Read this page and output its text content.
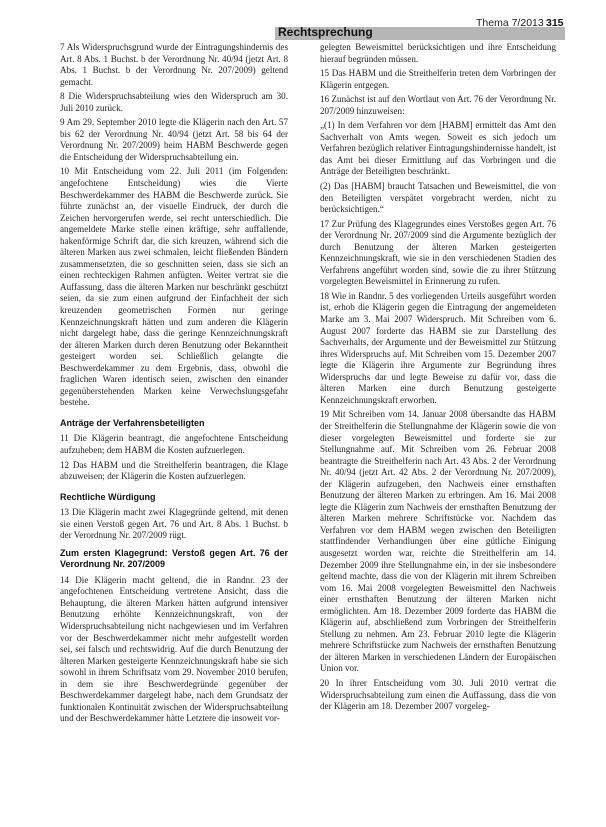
Rechtsprechung
Thema 7/2013 315

7 Als Widerspruchsgrund wurde der Eintragungshindernis des Art. 8 Abs. 1 Buchst. b der Verordnung Nr. 40/94 (jetzt Art. 8 Abs. 1 Buchst. b der Verordnung Nr. 207/2009) geltend gemacht.

8 Die Widerspruchsabteilung wies den Widerspruch am 30. Juli 2010 zurück.

9 Am 29. September 2010 legte die Klägerin nach den Art. 57 bis 62 der Verordnung Nr. 40/94 (jetzt Art. 58 bis 64 der Verordnung Nr. 207/2009) beim HABM Beschwerde gegen die Entscheidung der Widerspruchsabteilung ein.

10 Mit Entscheidung vom 22. Juli 2011 (im Folgenden: angefochtene Entscheidung) wies die Vierte Beschwerdekammer des HABM die Beschwerde zurück. Sie führte zunächst an, der visuelle Eindruck, der durch die Zeichen hervorgerufen werde, sei recht unterschiedlich. Die angemeldete Marke stelle einen kräftige, sehr auffallende, hakenförmige Schrift dar, die sich kreuzen, während sich die älteren Marken aus zwei schmalen, leicht fließenden Bändern zusammensetzten, die so geschnitten seien, dass sie sich an einen rechteckigen Rahmen anfügten. Weiter vertrat sie die Auffassung, dass die älteren Marken nur beschränkt geschützt seien, da sie zum einen aufgrund der Einfachheit der sich kreuzenden geometrischen Formen nur geringe Kennzeichnungskraft hätten und zum anderen die Klägerin nicht dargelegt habe, dass die geringe Kennzeichnungskraft der älteren Marken durch deren Benutzung oder Bekanntheit gesteigert worden sei. Schließlich gelangte die Beschwerdekammer zu dem Ergebnis, dass, obwohl die fraglichen Waren identisch seien, zwischen den einander gegenüberstehenden Marken keine Verwechslungsgefahr bestehe.

Anträge der Verfahrensbeteiligten

11 Die Klägerin beantragt, die angefochtene Entscheidung aufzuheben; dem HABM die Kosten aufzuerlegen.

12 Das HABM und die Streithelferin beantragen, die Klage abzuweisen; der Klägerin die Kosten aufzuerlegen.

Rechtliche Würdigung

13 Die Klägerin macht zwei Klagegründe geltend, mit denen sie einen Verstoß gegen Art. 76 und Art. 8 Abs. 1 Buchst. b der Verordnung Nr. 207/2009 rügt.

Zum ersten Klagegrund: Verstoß gegen Art. 76 der Verordnung Nr. 207/2009

14 Die Klägerin macht geltend, die in Randnr. 23 der angefochtenen Entscheidung vertretene Ansicht, dass die Behauptung, die älteren Marken hätten aufgrund intensiver Benutzung erhöhte Kennzeichnungskraft, von der Widerspruchsabteilung nicht nachgewiesen und im Verfahren vor der Beschwerdekammer nicht mehr aufgestellt worden sei, sei falsch und rechtswidrig. Auf die durch Benutzung der älteren Marken gesteigerte Kennzeichnungskraft habe sie sich sowohl in ihrem Schriftsatz vom 29. November 2010 berufen, in dem sie ihre Beschwerdegründe gegenüber der Beschwerdekammer dargelegt habe, nach dem Grundsatz der funktionalen Kontinuität zwischen der Widerspruchsabteilung und der Beschwerdekammer hätte Letztere die insoweit vor-

gelegten Beweismittel berücksichtigen und ihre Entscheidung hierauf begründen müssen.

15 Das HABM und die Streithelferin treten dem Vorbringen der Klägerin entgegen.

16 Zunächst ist auf den Wortlaut von Art. 76 der Verordnung Nr. 207/2009 hinzuweisen:

„(1) In dem Verfahren vor dem [HABM] ermittelt das Amt den Sachverhalt von Amts wegen. Soweit es sich jedoch um Verfahren bezüglich relativer Eintragungshindernisse handelt, ist das Amt bei dieser Ermittlung auf das Vorbringen und die Anträge der Beteiligten beschränkt.

(2) Das [HABM] braucht Tatsachen und Beweismittel, die von den Beteiligten verspätet vorgebracht werden, nicht zu berücksichtigen.“

17 Zur Prüfung des Klagegrundes eines Verstoßes gegen Art. 76 der Verordnung Nr. 207/2009 sind die Argumente bezüglich der durch Benutzung der älteren Marken gesteigerten Kennzeichnungskraft, wie sie in den verschiedenen Stadien des Verfahrens angeführt worden sind, sowie die zu ihrer Stützung vorgelegten Beweismittel in Erinnerung zu rufen.

18 Wie in Randnr. 5 des vorliegenden Urteils ausgeführt worden ist, erhob die Klägerin gegen die Eintragung der angemeldeten Marke am 3. Mai 2007 Widerspruch. Mit Schreiben vom 6. August 2007 forderte das HABM sie zur Darstellung des Sachverhalts, der Argumente und der Beweismittel zur Stützung ihres Widerspruchs auf. Mit Schreiben vom 15. Dezember 2007 legte die Klägerin ihre Argumente zur Begründung ihres Widerspruchs dar und legte Beweise zu dafür vor, dass die älteren Marken eine durch Benutzung gesteigerte Kennzeichnungskraft erworben.

19 Mit Schreiben vom 14. Januar 2008 übersandte das HABM der Streithelferin die Stellungnahme der Klägerin sowie die von dieser vorgelegten Beweismittel und forderte sie zur Stellungnahme auf. Mit Schreiben vom 26. Februar 2008 beantragte die Streithelferin nach Art. 43 Abs. 2 der Verordnung Nr. 40/94 (jetzt Art. 42 Abs. 2 der Verordnung Nr. 207/2009), der Klägerin aufzugeben, den Nachweis einer ernsthaften Benutzung der älteren Marken zu erbringen. Am 16. Mai 2008 legte die Klägerin zum Nachweis der ernsthaften Benutzung der älteren Marken mehrere Schriftstücke vor. Nachdem das Verfahren vor dem HABM wegen zwischen den Beteiligten stattfindender Verhandlungen über eine gütliche Einigung ausgesetzt worden war, reichte die Streithelferin am 14. Dezember 2009 ihre Stellungnahme ein, in der sie insbesondere geltend machte, dass die von der Klägerin mit ihrem Schreiben vom 16. Mai 2008 vorgelegten Beweismittel den Nachweis einer ernsthaften Benutzung der älteren Marken nicht ermöglichten. Am 18. Dezember 2009 forderte das HABM die Klägerin auf, abschließend zum Vorbringen der Streithelferin Stellung zu nehmen. Am 23. Februar 2010 legte die Klägerin mehrere Schriftstücke zum Nachweis der ernsthaften Benutzung der älteren Marken in verschiedenen Ländern der Europäischen Union vor.

20 In ihrer Entscheidung vom 30. Juli 2010 vertrat die Widerspruchsabteilung zum einen die Auffassung, dass die von der Klägerin am 18. Dezember 2007 vorgeleg-
